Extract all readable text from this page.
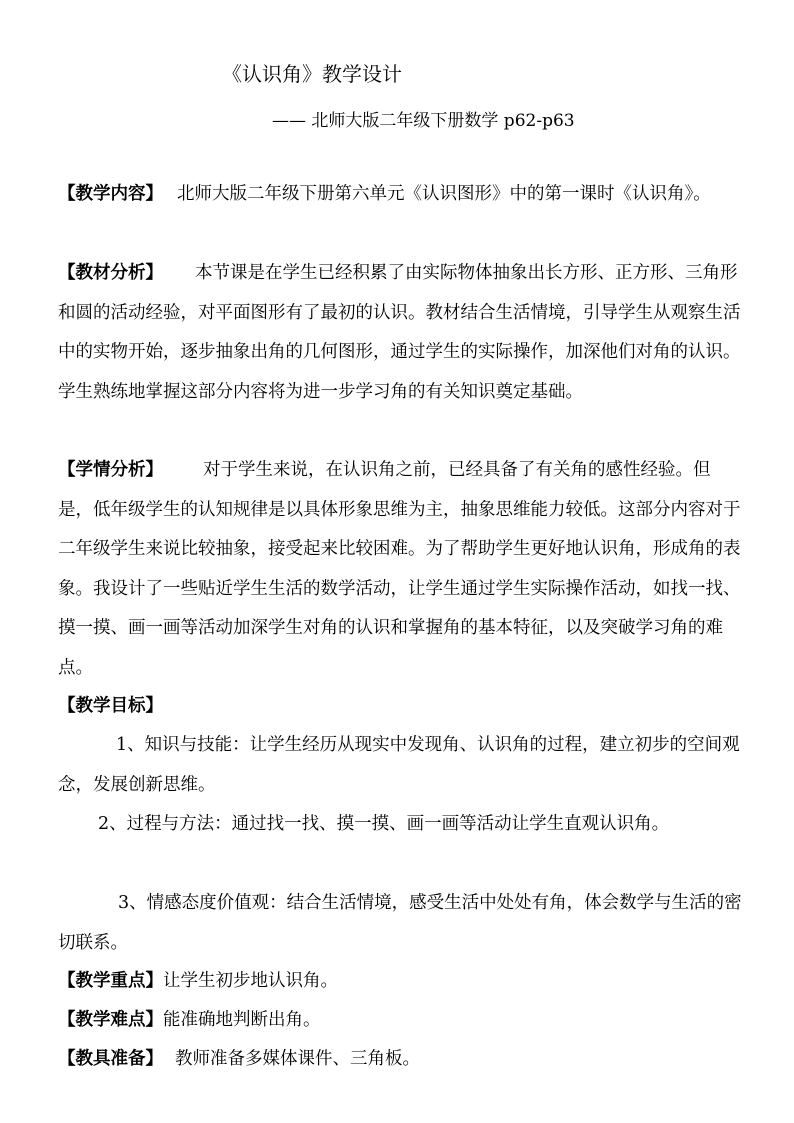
《认识角》教学设计
—— 北师大版二年级下册数学 p62-p63
【教学内容】 北师大版二年级下册第六单元《认识图形》中的第一课时《认识角》。
【教材分析】 本节课是在学生已经积累了由实际物体抽象出长方形、正方形、三角形和圆的活动经验，对平面图形有了最初的认识。教材结合生活情境，引导学生从观察生活中的实物开始，逐步抽象出角的几何图形，通过学生的实际操作，加深他们对角的认识。学生熟练地掌握这部分内容将为进一步学习角的有关知识奠定基础。
【学情分析】 对于学生来说，在认识角之前，已经具备了有关角的感性经验。但是，低年级学生的认知规律是以具体形象思维为主，抽象思维能力较低。这部分内容对于二年级学生来说比较抽象，接受起来比较困难。为了帮助学生更好地认识角，形成角的表象。我设计了一些贴近学生生活的数学活动，让学生通过学生实际操作活动，如找一找、摸一摸、画一画等活动加深学生对角的认识和掌握角的基本特征，以及突破学习角的难点。
【教学目标】
1、知识与技能：让学生经历从现实中发现角、认识角的过程，建立初步的空间观念，发展创新思维。
2、过程与方法：通过找一找、摸一摸、画一画等活动让学生直观认识角。
3、情感态度价值观：结合生活情境，感受生活中处处有角，体会数学与生活的密切联系。
【教学重点】让学生初步地认识角。
【教学难点】能准确地判断出角。
【教具准备】 教师准备多媒体课件、三角板。
